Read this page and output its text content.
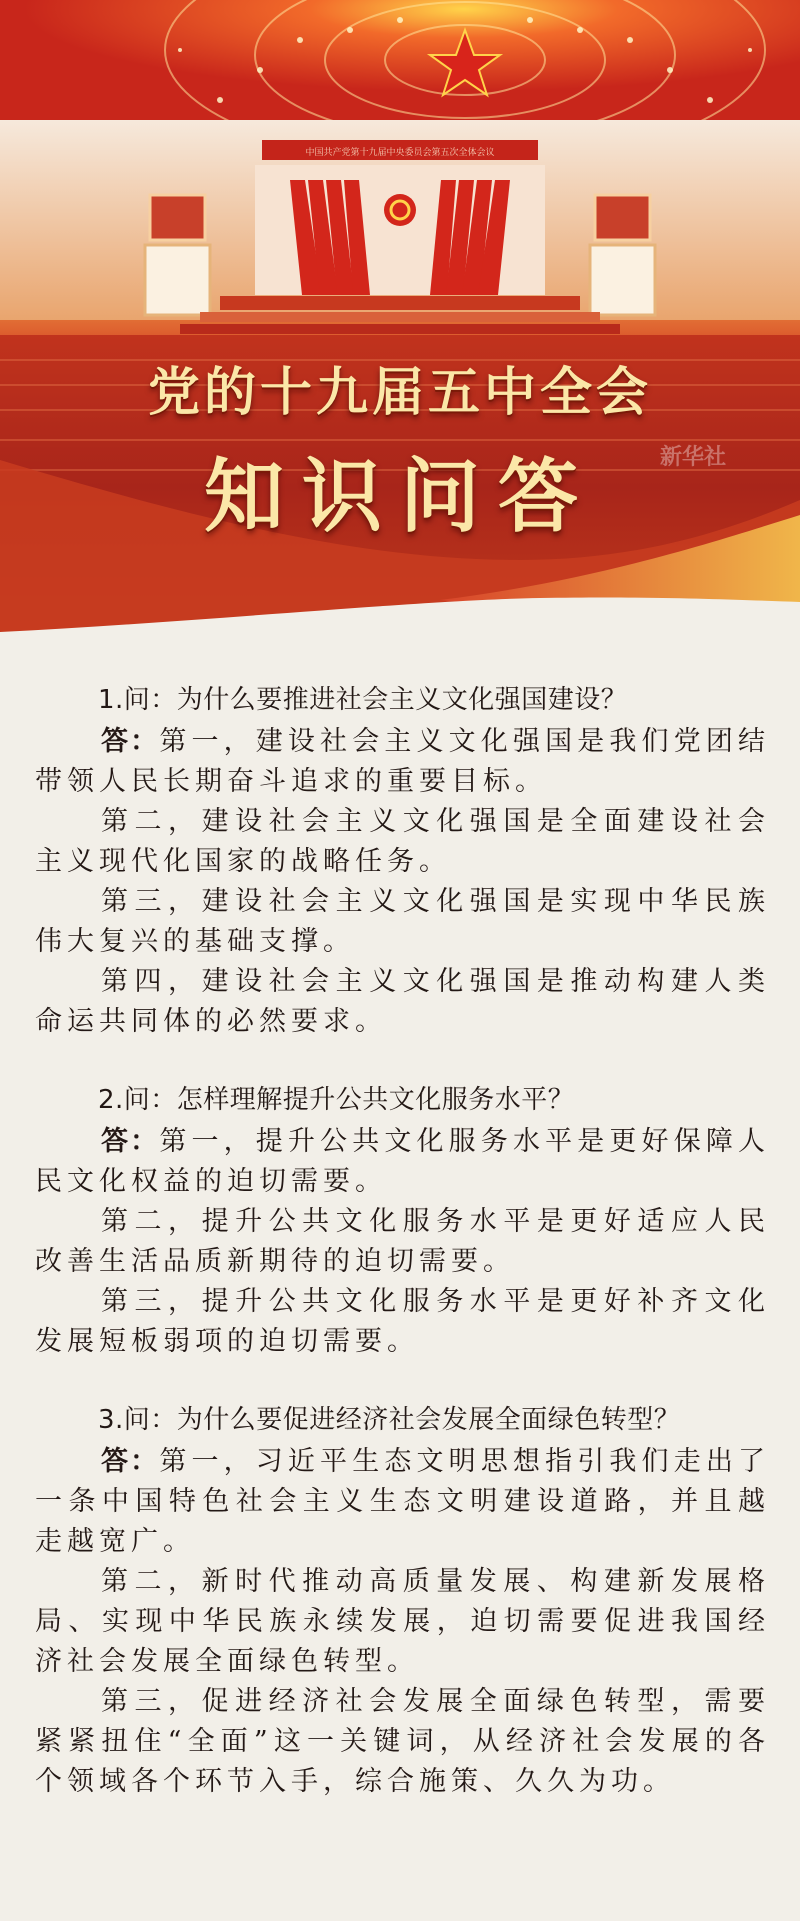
中国共产党第十九届中央委员会第五次全体会议
党的十九届五中全会
知识问答	新华社

1.问：为什么要推进社会主义文化强国建设？

答：第一，建设社会主义文化强国是我们党团结带领人民长期奋斗追求的重要目标。

第二，建设社会主义文化强国是全面建设社会主义现代化国家的战略任务。

第三，建设社会主义文化强国是实现中华民族伟大复兴的基础支撑。

第四，建设社会主义文化强国是推动构建人类命运共同体的必然要求。

2.问：怎样理解提升公共文化服务水平？

答：第一，提升公共文化服务水平是更好保障人民文化权益的迫切需要。

第二，提升公共文化服务水平是更好适应人民改善生活品质新期待的迫切需要。

第三，提升公共文化服务水平是更好补齐文化发展短板弱项的迫切需要。

3.问：为什么要促进经济社会发展全面绿色转型？

答：第一，习近平生态文明思想指引我们走出了一条中国特色社会主义生态文明建设道路，并且越走越宽广。

第二，新时代推动高质量发展、构建新发展格局、实现中华民族永续发展，迫切需要促进我国经济社会发展全面绿色转型。

第三，促进经济社会发展全面绿色转型，需要紧紧扭住“全面”这一关键词，从经济社会发展的各个领域各个环节入手，综合施策、久久为功。
